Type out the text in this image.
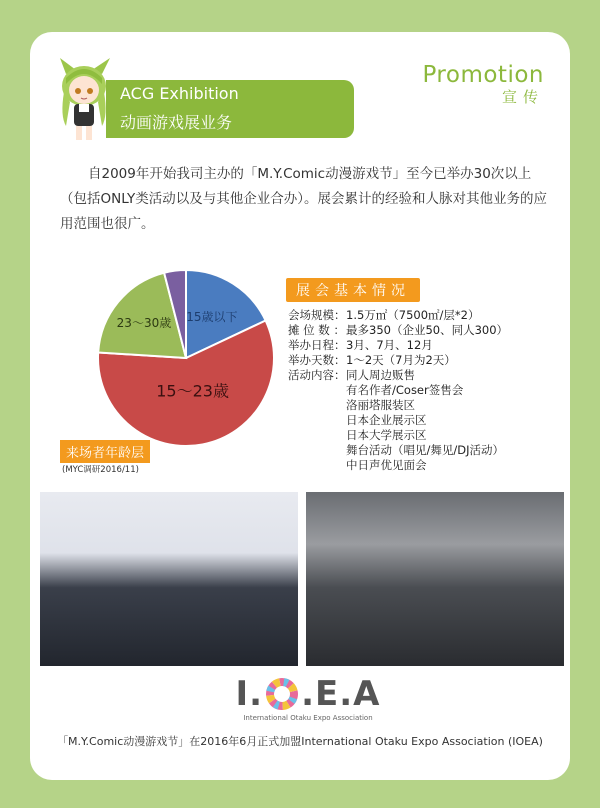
ACG Exhibition
动画游戏展业务
Promotion
宣传
自2009年开始我司主办的「M.Y.Comic动漫游戏节」至今已举办30次以上（包括ONLY类活动以及与其他企业合办）。展会累计的经验和人脉对其他业务的应用范围也很广。
15歳以下
15～23歳
23～30歳
来场者年龄层
(MYC调研2016/11)
展会基本情况
会场规模： 1.5万㎡（7500㎡/层*2）
摊 位 数 ： 最多350（企业50、同人300）
举办日程： 3月、7月、12月
举办天数： 1～2天（7月为2天）
活动内容： 同人周边贩售
有名作者/Coser签售会
洛丽塔服装区
日本企业展示区
日本大学展示区
舞台活动（唱见/舞见/DJ活动）
中日声优见面会
I. .E.A
International Otaku Expo Association
「M.Y.Comic动漫游戏节」在2016年6月正式加盟International Otaku Expo Association (IOEA)
